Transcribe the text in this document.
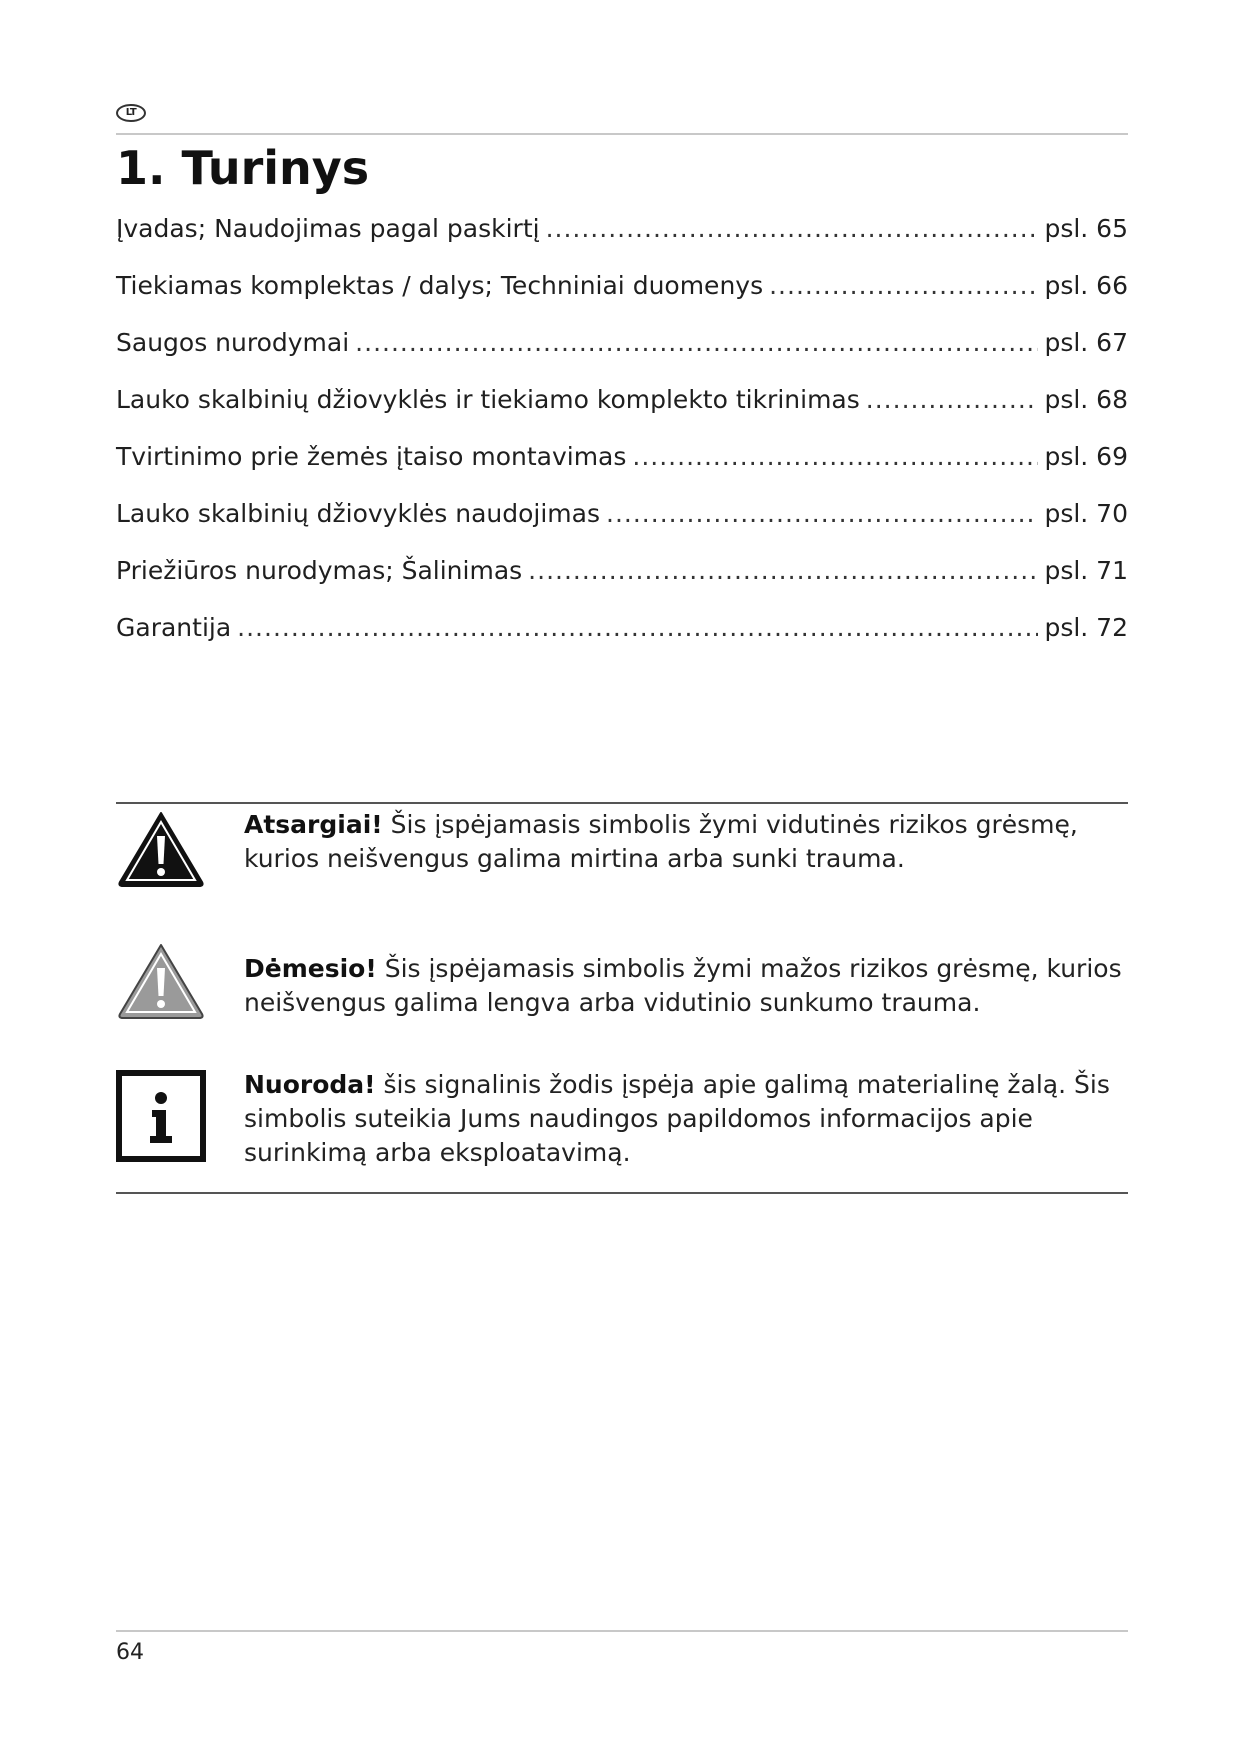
LT
1. Turinys
Įvadas; Naudojimas pagal paskirtį .....	psl. 65
Tiekiamas komplektas / dalys; Techniniai duomenys .....	psl. 66
Saugos nurodymai .....	psl. 67
Lauko skalbinių džiovyklės ir tiekiamo komplekto tikrinimas .....	psl. 68
Tvirtinimo prie žemės įtaiso montavimas .....	psl. 69
Lauko skalbinių džiovyklės naudojimas .....	psl. 70
Priežiūros nurodymas; Šalinimas .....	psl. 71
Garantija .....	psl. 72
Atsargiai! Šis įspėjamasis simbolis žymi vidutinės rizikos grėsmę, kurios neišvengus galima mirtina arba sunki trauma.
Dėmesio! Šis įspėjamasis simbolis žymi mažos rizikos grėsmę, kurios neišvengus galima lengva arba vidutinio sunkumo trauma.
Nuoroda! šis signalinis žodis įspėja apie galimą materialinę žalą. Šis simbolis suteikia Jums naudingos papildomos informacijos apie surinkimą arba eksploatavimą.
64
